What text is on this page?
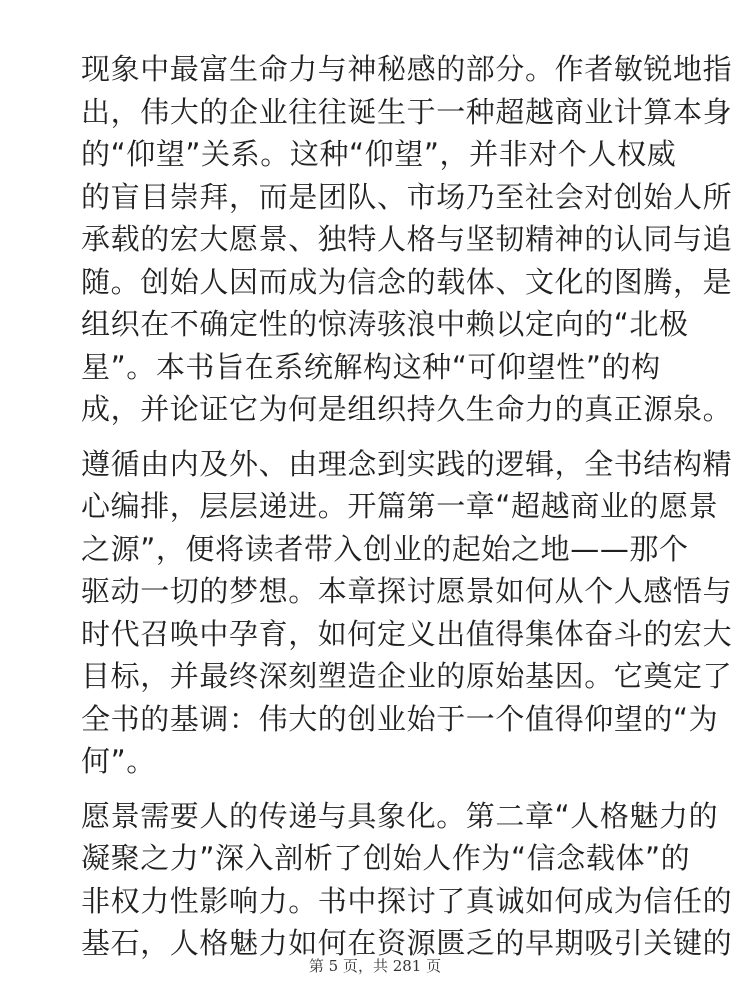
现象中最富生命力与神秘感的部分。作者敏锐地指

出，伟大的企业往往诞生于一种超越商业计算本身

的“仰望”关系。这种“仰望”，并非对个人权威

的盲目崇拜，而是团队、市场乃至社会对创始人所

承载的宏大愿景、独特人格与坚韧精神的认同与追

随。创始人因而成为信念的载体、文化的图腾，是

组织在不确定性的惊涛骇浪中赖以定向的“北极

星”。本书旨在系统解构这种“可仰望性”的构

成，并论证它为何是组织持久生命力的真正源泉。

遵循由内及外、由理念到实践的逻辑，全书结构精

心编排，层层递进。开篇第一章“超越商业的愿景

之源”，便将读者带入创业的起始之地——那个

驱动一切的梦想。本章探讨愿景如何从个人感悟与

时代召唤中孕育，如何定义出值得集体奋斗的宏大

目标，并最终深刻塑造企业的原始基因。它奠定了

全书的基调：伟大的创业始于一个值得仰望的“为

何”。

愿景需要人的传递与具象化。第二章“人格魅力的

凝聚之力”深入剖析了创始人作为“信念载体”的

非权力性影响力。书中探讨了真诚如何成为信任的

基石，人格魅力如何在资源匮乏的早期吸引关键的

第 5 页，共 281 页
